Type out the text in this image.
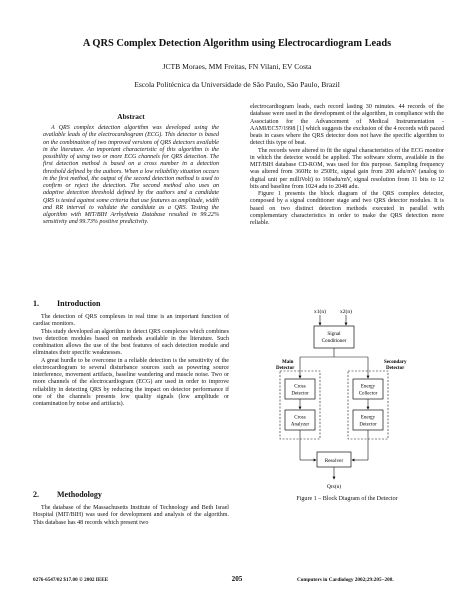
A QRS Complex Detection Algorithm using Electrocardiogram Leads
JCTB Moraes, MM Freitas, FN Vilani, EV Costa
Escola Politécnica da Universidade de São Paulo, São Paulo, Brazil
Abstract
A QRS complex detection algorithm was developed using the available leads of the electrocardiogram (ECG). This detector is based on the combination of two improved versions of QRS detectors available in the literature. An important characteristic of this algorithm is the possibility of using two or more ECG channels for QRS detection. The first detection method is based on a cross number in a detection threshold defined by the authors. When a low reliability situation occurs in the first method, the output of the second detection method is used to confirm or reject the detection. The second method also uses an adaptive detection threshold defined by the authors and a candidate QRS is tested against some criteria that use features as amplitude, width and RR interval to validate the candidate as a QRS. Testing the algorithm with MIT/BIH Arrhythmia Database resulted in 99.22% sensitivity and 99.73% positive predictivity.
1. Introduction

The detection of QRS complexes in real time is an important function of cardiac monitors.

This study developed an algorithm to detect QRS complexes which combines two detection modules based on methods available in the literature. Such combination allows the use of the best features of each detection module and eliminates their specific weaknesses.

A great hurdle to be overcome in a reliable detection is the sensitivity of the electrocardiogram to several disturbance sources such as powering source interference, movement artifacts, baseline wandering and muscle noise. Two or more channels of the electrocardiogram (ECG) are used in order to improve reliability in detecting QRS by reducing the impact on detector performance if one of the channels presents low quality signals (low amplitude or contamination by noise and artifacts).

2. Methodology

The database of the Massachusetts Institute of Technology and Beth Israel Hospital (MIT/BIH) was used for development and analysis of the algorithm. This database has 48 records which present two

electrocardiogram leads, each record lasting 30 minutes. 44 records of the database were used in the development of the algorithm, in compliance with the Association for the Advancement of Medical Instrumentation - AAMI/EC57/1998 [1] which suggests the exclusion of the 4 records with paced beats in cases where the QRS detector does not have the specific algorithm to detect this type of beat.

The records were altered to fit the signal characteristics of the ECG monitor in which the detector would be applied. The software xform, available in the MIT/BIH database CD-ROM, was used for this purpose. Sampling frequency was altered from 360Hz to 250Hz, signal gain from 200 adu/mV (analog to digital unit per milliVolt) to 160adu/mV, signal resolution from 11 bits to 12 bits and baseline from 1024 adu to 2048 adu.

Figure 1 presents the block diagram of the QRS complex detector, composed by a signal conditioner stage and two QRS detector modules. It is based on two distinct detection methods executed in parallel with complementary characteristics in order to make the QRS detection more reliable.

x1(n)	x2(n)
Signal
Conditioner
Main
Detector
Secondary
Detector
Cross
Detector
Cross
Analyzer
Energy
Collector
Energy
Detector
Resolver
Qrs(n)
Figure 1 – Block Diagram of the Detector
0276-6547/02 $17.00 © 2002 IEEE	205	Computers in Cardiology 2002;29:205−208.
